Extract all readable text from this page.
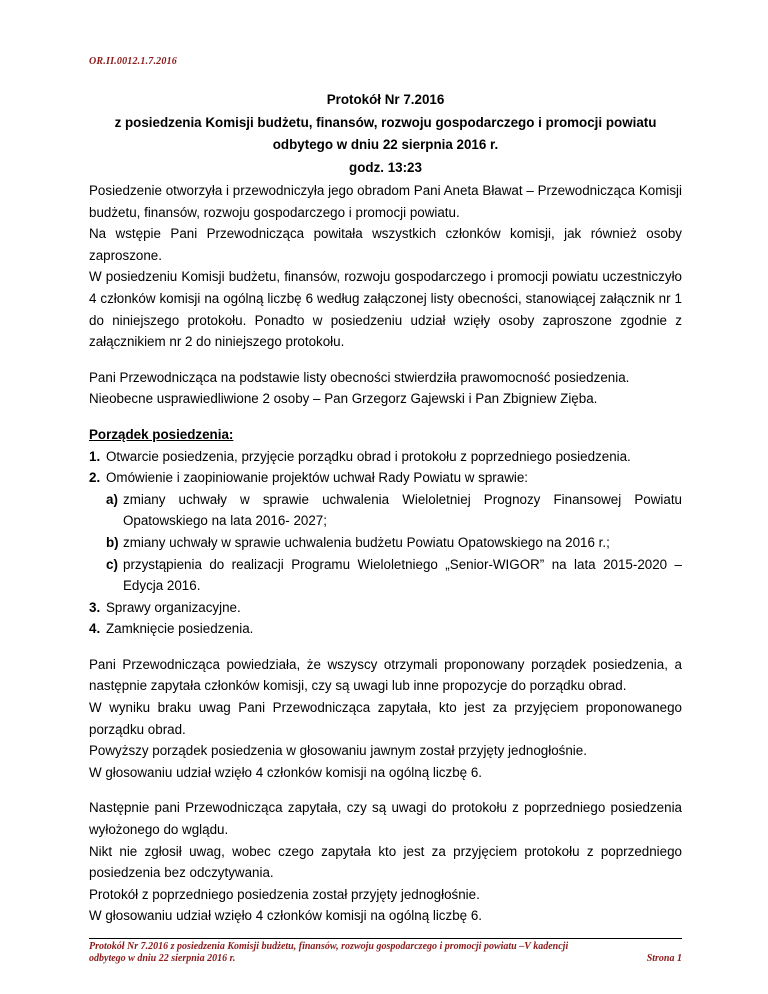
OR.II.0012.1.7.2016
Protokół Nr 7.2016
z posiedzenia Komisji budżetu, finansów, rozwoju gospodarczego i promocji powiatu
odbytego w dniu 22 sierpnia 2016 r.
godz. 13:23

Posiedzenie otworzyła i przewodniczyła jego obradom Pani Aneta Bławat – Przewodnicząca Komisji budżetu, finansów, rozwoju gospodarczego i promocji powiatu.

Na wstępie Pani Przewodnicząca powitała wszystkich członków komisji, jak również osoby zaproszone.

W posiedzeniu Komisji budżetu, finansów, rozwoju gospodarczego i promocji powiatu uczestniczyło 4 członków komisji na ogólną liczbę 6 według załączonej listy obecności, stanowiącej załącznik nr 1 do niniejszego protokołu. Ponadto w posiedzeniu udział wzięły osoby zaproszone zgodnie z załącznikiem nr 2 do niniejszego protokołu.

Pani Przewodnicząca na podstawie listy obecności stwierdziła prawomocność posiedzenia.

Nieobecne usprawiedliwione 2 osoby – Pan Grzegorz Gajewski i Pan Zbigniew Zięba.

Porządek posiedzenia:
1. Otwarcie posiedzenia, przyjęcie porządku obrad i protokołu z poprzedniego posiedzenia.
2. Omówienie i zaopiniowanie projektów uchwał Rady Powiatu w sprawie:
a) zmiany uchwały w sprawie uchwalenia Wieloletniej Prognozy Finansowej Powiatu Opatowskiego na lata 2016- 2027;
b) zmiany uchwały w sprawie uchwalenia budżetu Powiatu Opatowskiego na 2016 r.;
c) przystąpienia do realizacji Programu Wieloletniego „Senior-WIGOR” na lata 2015-2020 – Edycja 2016.
3. Sprawy organizacyjne.
4. Zamknięcie posiedzenia.

Pani Przewodnicząca powiedziała, że wszyscy otrzymali proponowany porządek posiedzenia, a następnie zapytała członków komisji, czy są uwagi lub inne propozycje do porządku obrad.

W wyniku braku uwag Pani Przewodnicząca zapytała, kto jest za przyjęciem proponowanego porządku obrad.

Powyższy porządek posiedzenia w głosowaniu jawnym został przyjęty jednogłośnie.

W głosowaniu udział wzięło 4 członków komisji na ogólną liczbę 6.

Następnie pani Przewodnicząca zapytała, czy są uwagi do protokołu z poprzedniego posiedzenia wyłożonego do wglądu.

Nikt nie zgłosił uwag, wobec czego zapytała kto jest za przyjęciem protokołu z poprzedniego posiedzenia bez odczytywania.

Protokół z poprzedniego posiedzenia został przyjęty jednogłośnie.

W głosowaniu udział wzięło 4 członków komisji na ogólną liczbę 6.

Protokół Nr 7.2016 z posiedzenia Komisji budżetu, finansów, rozwoju gospodarczego i promocji powiatu –V kadencji
odbytego w dniu 22 sierpnia 2016 r.	Strona 1
